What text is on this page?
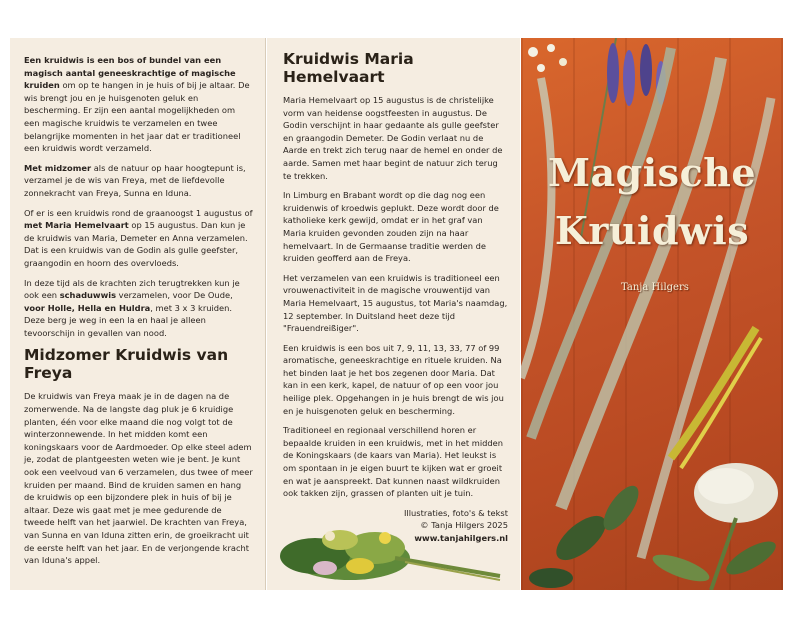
Een kruidwis is een bos of bundel van een magisch aantal geneeskrachtige of magische kruiden om op te hangen in je huis of bij je altaar. De wis brengt jou en je huisgenoten geluk en bescherming. Er zijn een aantal mogelijkheden om een magische kruidwis te verzamelen en twee belangrijke momenten in het jaar dat er traditioneel een kruidwis wordt verzameld.

Met midzomer als de natuur op haar hoogtepunt is, verzamel je de wis van Freya, met de liefdevolle zonnekracht van Freya, Sunna en Iduna.

Of er is een kruidwis rond de graanoogst 1 augustus of met Maria Hemelvaart op 15 augustus. Dan kun je de kruidwis van Maria, Demeter en Anna verzamelen. Dat is een kruidwis van de Godin als gulle geefster, graangodin en hoorn des overvloeds.

In deze tijd als de krachten zich terugtrekken kun je ook een schaduwwis verzamelen, voor De Oude, voor Holle, Hella en Huldra, met 3 x 3 kruiden. Deze berg je weg in een la en haal je alleen tevoorschijn in gevallen van nood.

Midzomer Kruidwis van Freya

De kruidwis van Freya maak je in de dagen na de zomerwende. Na de langste dag pluk je 6 kruidige planten, één voor elke maand die nog volgt tot de winterzonnewende. In het midden komt een koningskaars voor de Aardmoeder. Op elke steel adem je, zodat de plantgeesten weten wie je bent. Je kunt ook een veelvoud van 6 verzamelen, dus twee of meer kruiden per maand. Bind de kruiden samen en hang de kruidwis op een bijzondere plek in huis of bij je altaar. Deze wis gaat met je mee gedurende de tweede helft van het jaarwiel. De krachten van Freya, van Sunna en van Iduna zitten erin, de groeikracht uit de eerste helft van het jaar. En de verjongende kracht van Iduna's appel.

Kruidwis Maria Hemelvaart

Maria Hemelvaart op 15 augustus is de christelijke vorm van heidense oogstfeesten in augustus. De Godin verschijnt in haar gedaante als gulle geefster en graangodin Demeter. De Godin verlaat nu de Aarde en trekt zich terug naar de hemel en onder de aarde. Samen met haar begint de natuur zich terug te trekken.

In Limburg en Brabant wordt op die dag nog een kruidenwis of kroedwis geplukt. Deze wordt door de katholieke kerk gewijd, omdat er in het graf van Maria kruiden gevonden zouden zijn na haar hemelvaart. In de Germaanse traditie werden de kruiden geofferd aan de Freya.

Het verzamelen van een kruidwis is traditioneel een vrouwenactiviteit in de magische vrouwentijd van Maria Hemelvaart, 15 augustus, tot Maria's naamdag, 12 september. In Duitsland heet deze tijd "Frauendreißiger".

Een kruidwis is een bos uit 7, 9, 11, 13, 33, 77 of 99 aromatische, geneeskrachtige en rituele kruiden. Na het binden laat je het bos zegenen door Maria. Dat kan in een kerk, kapel, de natuur of op een voor jou heilige plek. Opgehangen in je huis brengt de wis jou en je huisgenoten geluk en bescherming.

Traditioneel en regionaal verschillend horen er bepaalde kruiden in een kruidwis, met in het midden de Koningskaars (de kaars van Maria). Het leukst is om spontaan in je eigen buurt te kijken wat er groeit en wat je aanspreekt. Dat kunnen naast wildkruiden ook takken zijn, grassen of planten uit je tuin.

Illustraties, foto's & tekst
© Tanja Hilgers 2025
www.tanjahilgers.nl
Magische
Kruidwis
Tanja Hilgers
